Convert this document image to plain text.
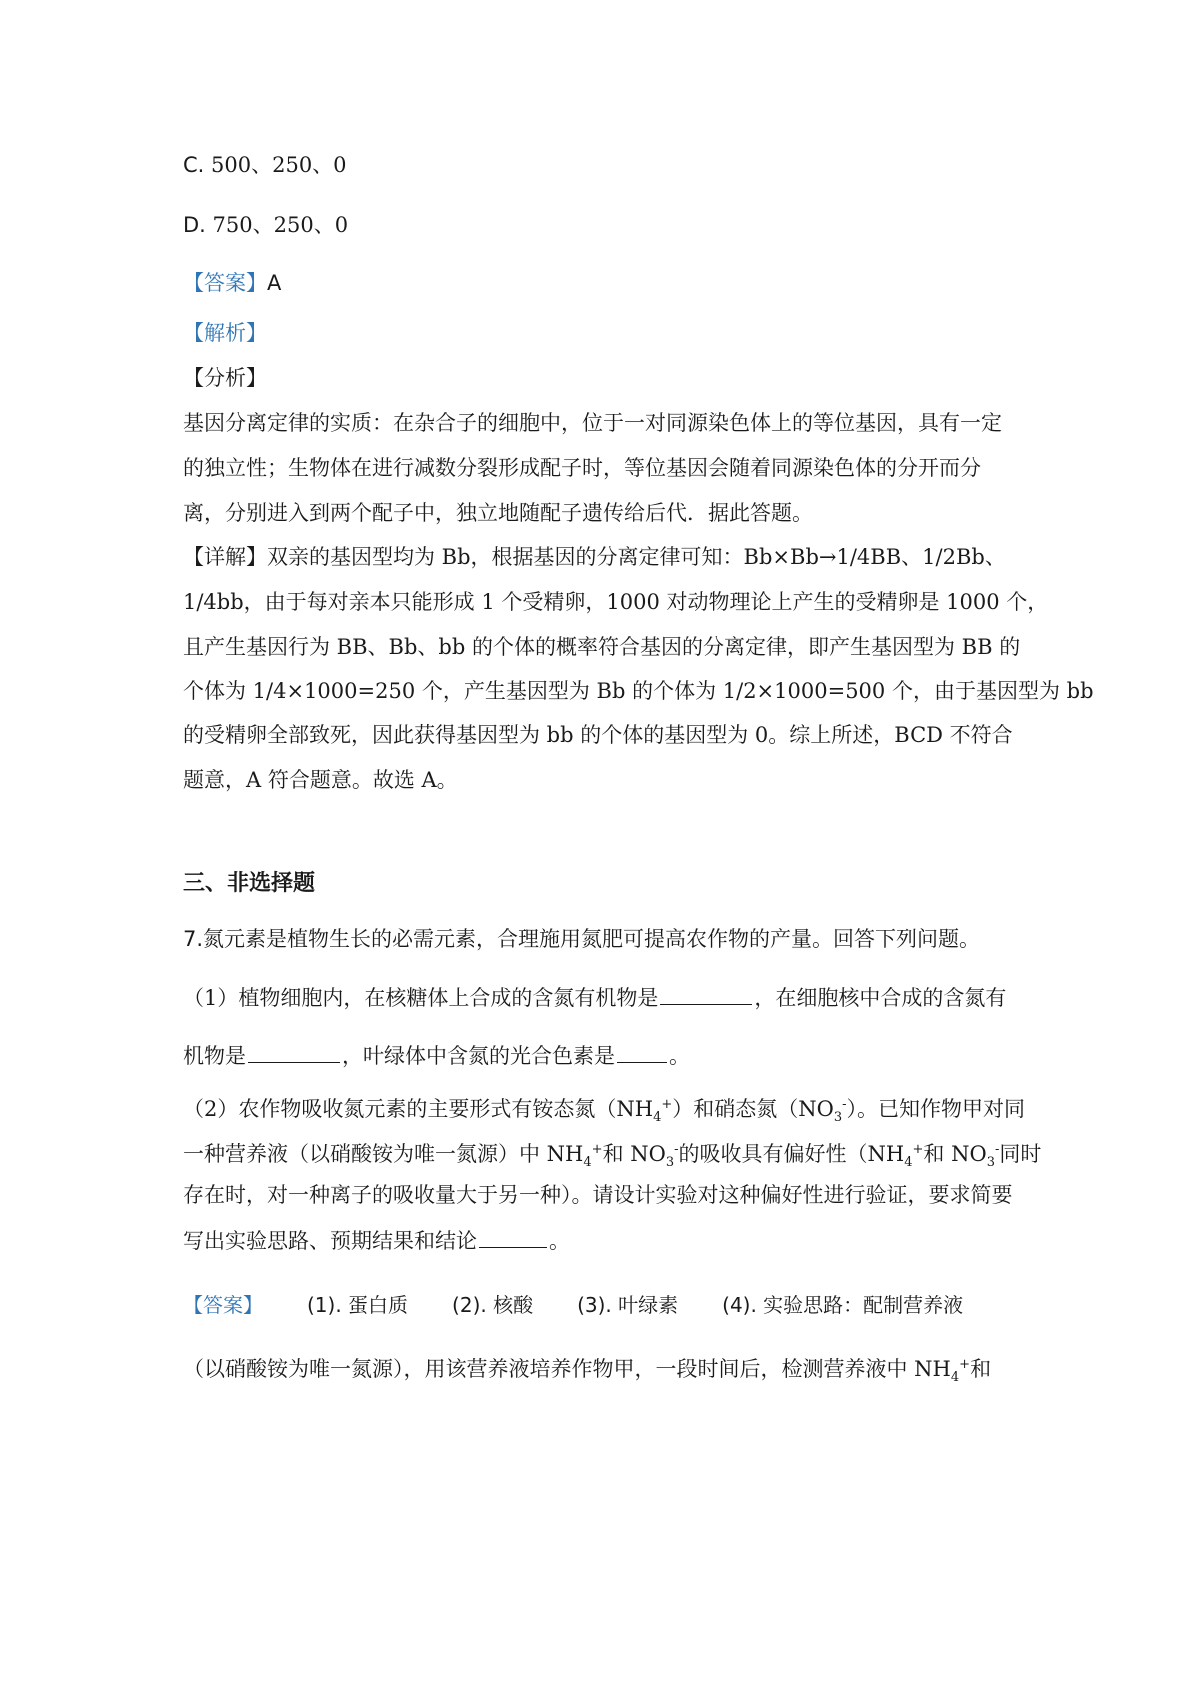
C. 500、250、0
D. 750、250、0
【答案】A
【解析】
【分析】
基因分离定律的实质：在杂合子的细胞中，位于一对同源染色体上的等位基因，具有一定
的独立性；生物体在进行减数分裂形成配子时，等位基因会随着同源染色体的分开而分
离，分别进入到两个配子中，独立地随配子遗传给后代．据此答题。
【详解】双亲的基因型均为 Bb，根据基因的分离定律可知：Bb×Bb→1/4BB、1/2Bb、
1/4bb，由于每对亲本只能形成 1 个受精卵，1000 对动物理论上产生的受精卵是 1000 个，
且产生基因行为 BB、Bb、bb 的个体的概率符合基因的分离定律，即产生基因型为 BB 的
个体为 1/4×1000=250 个，产生基因型为 Bb 的个体为 1/2×1000=500 个，由于基因型为 bb
的受精卵全部致死，因此获得基因型为 bb 的个体的基因型为 0。综上所述，BCD 不符合
题意，A 符合题意。故选 A。
三、非选择题
7.氮元素是植物生长的必需元素，合理施用氮肥可提高农作物的产量。回答下列问题。
（1）植物细胞内，在核糖体上合成的含氮有机物是	，在细胞核中合成的含氮有
机物是	，叶绿体中含氮的光合色素是	。
（2）农作物吸收氮元素的主要形式有铵态氮$(NH_4^+)$和硝态氮$(NO_3^-)$。已知作物甲对同
一种营养液（以硝酸铵为唯一氮源）中 $NH_4^+$和 $NO_3^-$的吸收具有偏好性（$NH_4^+$和 $NO_3^-$同时
存在时，对一种离子的吸收量大于另一种）。请设计实验对这种偏好性进行验证，要求简要
写出实验思路、预期结果和结论	。
【答案】 (1). 蛋白质 (2). 核酸 (3). 叶绿素 (4). 实验思路：配制营养液
（以硝酸铵为唯一氮源），用该营养液培养作物甲，一段时间后，检测营养液中 $NH_4^+$和
